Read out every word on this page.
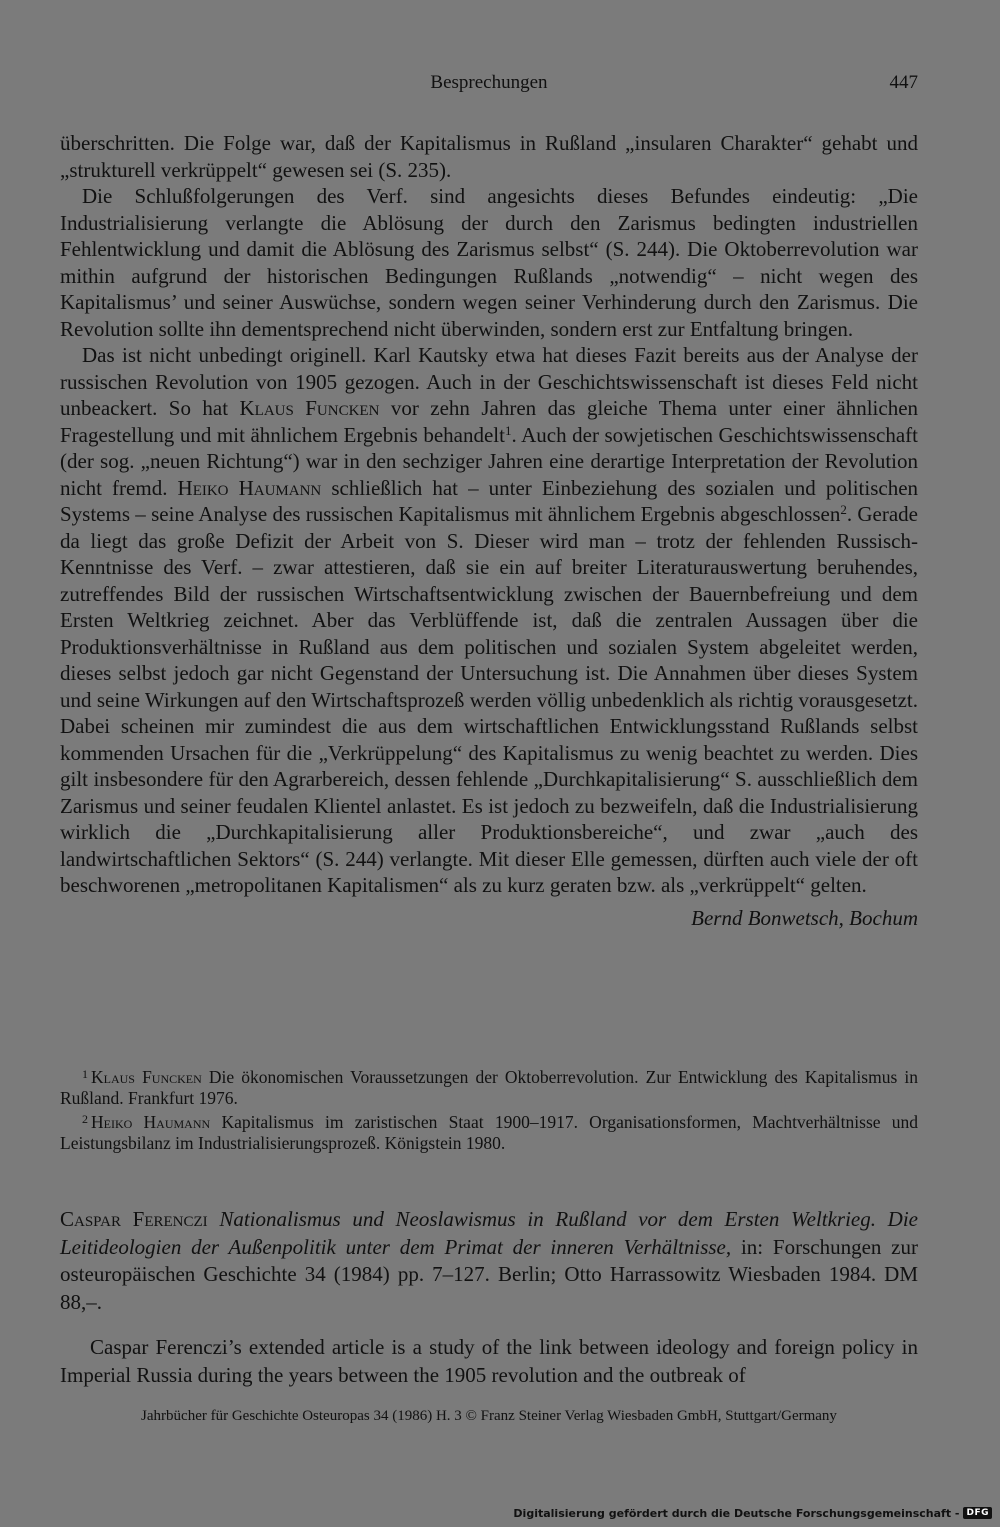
Besprechungen	447

überschritten. Die Folge war, daß der Kapitalismus in Rußland „insularen Charakter“ gehabt und „strukturell verkrüppelt“ gewesen sei (S. 235).

Die Schlußfolgerungen des Verf. sind angesichts dieses Befundes eindeutig: „Die Industrialisierung verlangte die Ablösung der durch den Zarismus bedingten industriellen Fehlentwicklung und damit die Ablösung des Zarismus selbst“ (S. 244). Die Oktoberrevolution war mithin aufgrund der historischen Bedingungen Rußlands „notwendig“ – nicht wegen des Kapitalismus’ und seiner Auswüchse, sondern wegen seiner Verhinderung durch den Zarismus. Die Revolution sollte ihn dementsprechend nicht überwinden, sondern erst zur Entfaltung bringen.

Das ist nicht unbedingt originell. Karl Kautsky etwa hat dieses Fazit bereits aus der Analyse der russischen Revolution von 1905 gezogen. Auch in der Geschichtswissenschaft ist dieses Feld nicht unbeackert. So hat Klaus Funcken vor zehn Jahren das gleiche Thema unter einer ähnlichen Fragestellung und mit ähnlichem Ergebnis behandelt$^1$. Auch der sowjetischen Geschichtswissenschaft (der sog. „neuen Richtung“) war in den sechziger Jahren eine derartige Interpretation der Revolution nicht fremd. Heiko Haumann schließlich hat – unter Einbeziehung des sozialen und politischen Systems – seine Analyse des russischen Kapitalismus mit ähnlichem Ergebnis abgeschlossen$^2$. Gerade da liegt das große Defizit der Arbeit von S. Dieser wird man – trotz der fehlenden Russisch-Kenntnisse des Verf. – zwar attestieren, daß sie ein auf breiter Literaturauswertung beruhendes, zutreffendes Bild der russischen Wirtschaftsentwicklung zwischen der Bauernbefreiung und dem Ersten Weltkrieg zeichnet. Aber das Verblüffende ist, daß die zentralen Aussagen über die Produktionsverhältnisse in Rußland aus dem politischen und sozialen System abgeleitet werden, dieses selbst jedoch gar nicht Gegenstand der Untersuchung ist. Die Annahmen über dieses System und seine Wirkungen auf den Wirtschaftsprozeß werden völlig unbedenklich als richtig vorausgesetzt. Dabei scheinen mir zumindest die aus dem wirtschaftlichen Entwicklungsstand Rußlands selbst kommenden Ursachen für die „Verkrüppelung“ des Kapitalismus zu wenig beachtet zu werden. Dies gilt insbesondere für den Agrarbereich, dessen fehlende „Durchkapitalisierung“ S. ausschließlich dem Zarismus und seiner feudalen Klientel anlastet. Es ist jedoch zu bezweifeln, daß die Industrialisierung wirklich die „Durchkapitalisierung aller Produktionsbereiche“, und zwar „auch des landwirtschaftlichen Sektors“ (S. 244) verlangte. Mit dieser Elle gemessen, dürften auch viele der oft beschworenen „metropolitanen Kapitalismen“ als zu kurz geraten bzw. als „verkrüppelt“ gelten.

Bernd Bonwetsch, Bochum

$^1$ Klaus Funcken Die ökonomischen Voraussetzungen der Oktoberrevolution. Zur Entwicklung des Kapitalismus in Rußland. Frankfurt 1976.

$^2$ Heiko Haumann Kapitalismus im zaristischen Staat 1900–1917. Organisationsformen, Machtverhältnisse und Leistungsbilanz im Industrialisierungsprozeß. Königstein 1980.

Caspar Ferenczi Nationalismus und Neoslawismus in Rußland vor dem Ersten Weltkrieg. Die Leitideologien der Außenpolitik unter dem Primat der inneren Verhältnisse, in: Forschungen zur osteuropäischen Geschichte 34 (1984) pp. 7–127. Berlin; Otto Harrassowitz Wiesbaden 1984. DM 88,–.

Caspar Ferenczi’s extended article is a study of the link between ideology and foreign policy in Imperial Russia during the years between the 1905 revolution and the outbreak of

Jahrbücher für Geschichte Osteuropas 34 (1986) H. 3 © Franz Steiner Verlag Wiesbaden GmbH, Stuttgart/Germany
Digitalisierung gefördert durch die Deutsche Forschungsgemeinschaft - DFG
